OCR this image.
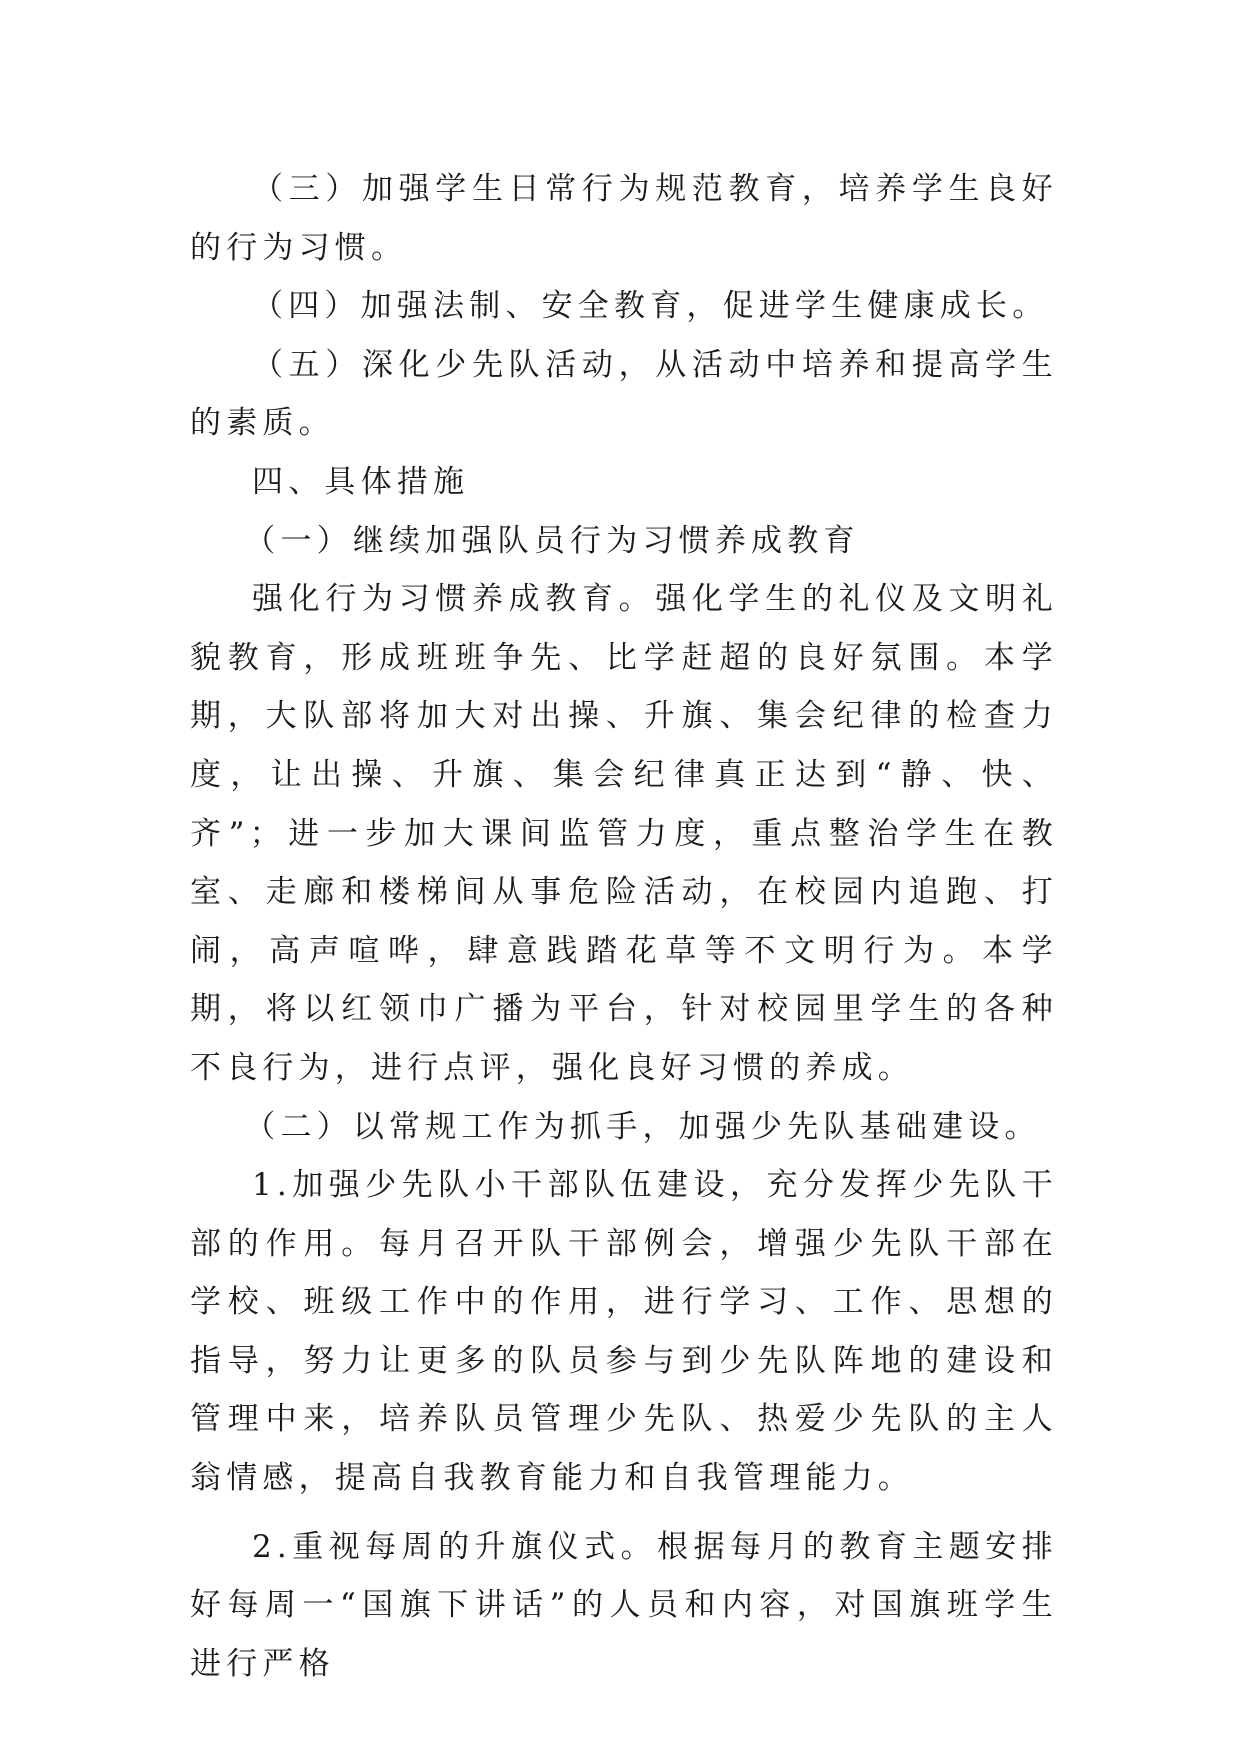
（三）加强学生日常行为规范教育，培养学生良好的行为习惯。

（四）加强法制、安全教育，促进学生健康成长。

（五）深化少先队活动，从活动中培养和提高学生的素质。

四、具体措施

（一）继续加强队员行为习惯养成教育

强化行为习惯养成教育。强化学生的礼仪及文明礼貌教育，形成班班争先、比学赶超的良好氛围。本学期，大队部将加大对出操、升旗、集会纪律的检查力度，让出操、升旗、集会纪律真正达到“静、快、齐”；进一步加大课间监管力度，重点整治学生在教室、走廊和楼梯间从事危险活动，在校园内追跑、打闹，高声喧哗，肆意践踏花草等不文明行为。本学期，将以红领巾广播为平台，针对校园里学生的各种不良行为，进行点评，强化良好习惯的养成。

（二）以常规工作为抓手，加强少先队基础建设。

1.加强少先队小干部队伍建设，充分发挥少先队干部的作用。每月召开队干部例会，增强少先队干部在学校、班级工作中的作用，进行学习、工作、思想的指导，努力让更多的队员参与到少先队阵地的建设和管理中来，培养队员管理少先队、热爱少先队的主人翁情感，提高自我教育能力和自我管理能力。

2.重视每周的升旗仪式。根据每月的教育主题安排好每周一“国旗下讲话”的人员和内容，对国旗班学生进行严格
